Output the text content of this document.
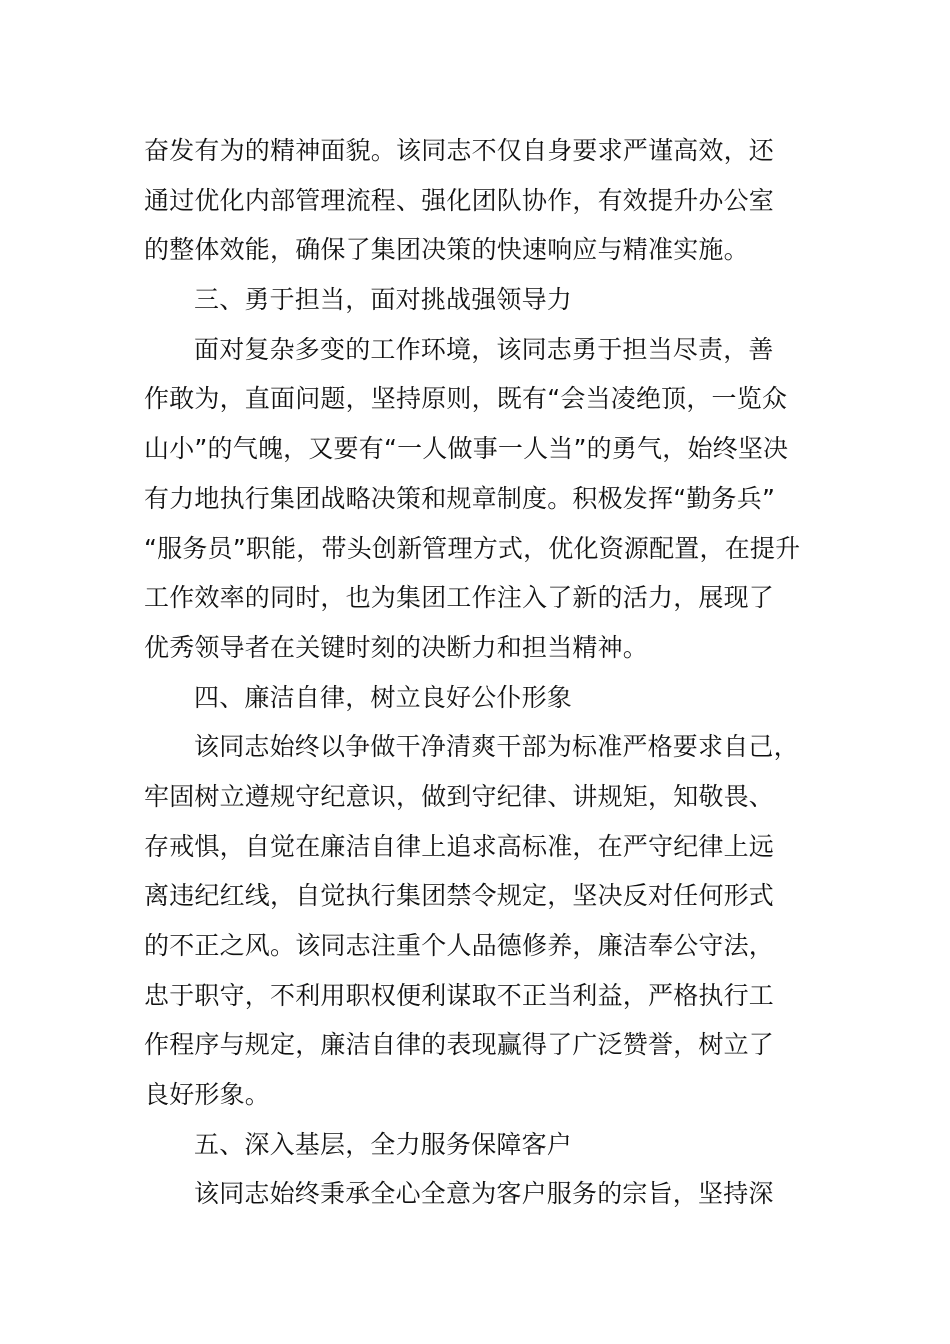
奋发有为的精神面貌。该同志不仅自身要求严谨高效，还
通过优化内部管理流程、强化团队协作，有效提升办公室
的整体效能，确保了集团决策的快速响应与精准实施。
三、勇于担当，面对挑战强领导力
面对复杂多变的工作环境，该同志勇于担当尽责，善
作敢为，直面问题，坚持原则，既有“会当凌绝顶，一览众
山小”的气魄，又要有“一人做事一人当”的勇气，始终坚决
有力地执行集团战略决策和规章制度。积极发挥“勤务兵”
“服务员”职能，带头创新管理方式，优化资源配置，在提升
工作效率的同时，也为集团工作注入了新的活力，展现了
优秀领导者在关键时刻的决断力和担当精神。
四、廉洁自律，树立良好公仆形象
该同志始终以争做干净清爽干部为标准严格要求自己，
牢固树立遵规守纪意识，做到守纪律、讲规矩，知敬畏、
存戒惧，自觉在廉洁自律上追求高标准，在严守纪律上远
离违纪红线，自觉执行集团禁令规定，坚决反对任何形式
的不正之风。该同志注重个人品德修养，廉洁奉公守法，
忠于职守，不利用职权便利谋取不正当利益，严格执行工
作程序与规定，廉洁自律的表现赢得了广泛赞誉，树立了
良好形象。
五、深入基层，全力服务保障客户
该同志始终秉承全心全意为客户服务的宗旨，坚持深
